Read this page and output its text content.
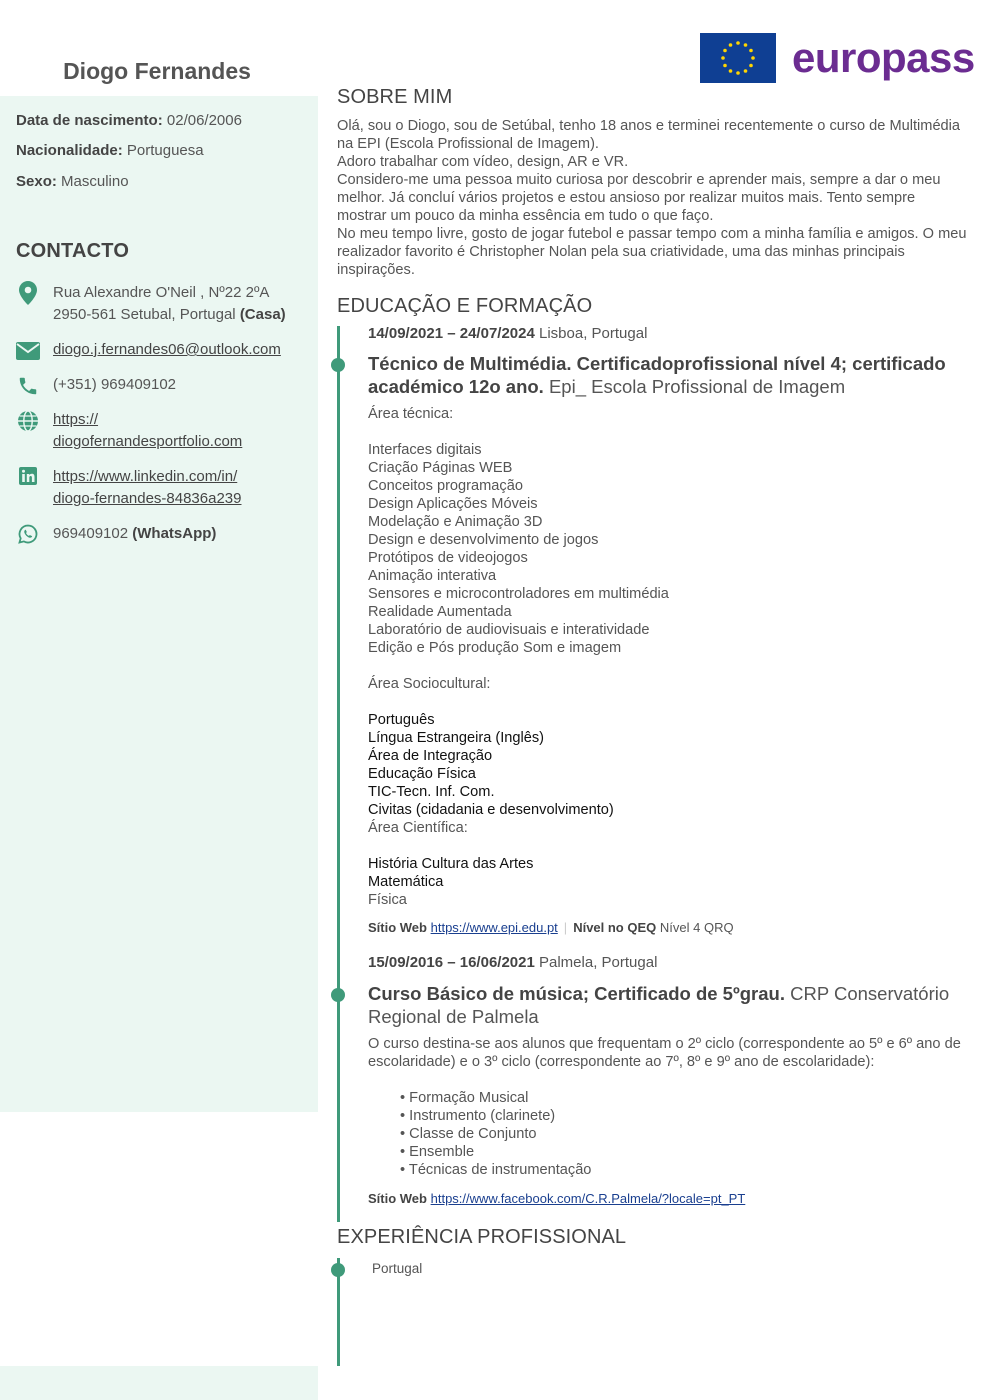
Diogo Fernandes
Data de nascimento: 02/06/2006
Nacionalidade: Portuguesa
Sexo: Masculino
CONTACTO
Rua Alexandre O'Neil , Nº22 2ºA
2950-561 Setubal, Portugal (Casa)
diogo.j.fernandes06@outlook.com
(+351) 969409102
https://
diogofernandesportfolio.com
https://www.linkedin.com/in/
diogo-fernandes-84836a239
969409102 (WhatsApp)
europass
SOBRE MIM

Olá, sou o Diogo, sou de Setúbal, tenho 18 anos e terminei recentemente o curso de Multimédia na EPI (Escola Profissional de Imagem).

Adoro trabalhar com vídeo, design, AR e VR.

Considero-me uma pessoa muito curiosa por descobrir e aprender mais, sempre a dar o meu melhor. Já concluí vários projetos e estou ansioso por realizar muitos mais. Tento sempre mostrar um pouco da minha essência em tudo o que faço.

No meu tempo livre, gosto de jogar futebol e passar tempo com a minha família e amigos. O meu realizador favorito é Christopher Nolan pela sua criatividade, uma das minhas principais inspirações.

EDUCAÇÃO E FORMAÇÃO
14/09/2021 – 24/07/2024 Lisboa, Portugal
Técnico de Multimédia. Certificadoprofissional nível 4; certificado académico 12o ano. Epi_ Escola Profissional de Imagem
Área técnica:
Interfaces digitais
Criação Páginas WEB
Conceitos programação
Design Aplicações Móveis
Modelação e Animação 3D
Design e desenvolvimento de jogos
Protótipos de videojogos
Animação interativa
Sensores e microcontroladores em multimédia
Realidade Aumentada
Laboratório de audiovisuais e interatividade
Edição e Pós produção Som e imagem
Área Sociocultural:
Português
Língua Estrangeira (Inglês)
Área de Integração
Educação Física
TIC-Tecn. Inf. Com.
Civitas (cidadania e desenvolvimento)
Área Científica:
História Cultura das Artes
Matemática
Física
Sítio Web https://www.epi.edu.pt | Nível no QEQ Nível 4 QRQ
15/09/2016 – 16/06/2021 Palmela, Portugal
Curso Básico de música; Certificado de 5ºgrau. CRP Conservatório Regional de Palmela
O curso destina-se aos alunos que frequentam o 2º ciclo (correspondente ao 5º e 6º ano de escolaridade) e o 3º ciclo (correspondente ao 7º, 8º e 9º ano de escolaridade):
• Formação Musical
• Instrumento (clarinete)
• Classe de Conjunto
• Ensemble
• Técnicas de instrumentação
Sítio Web https://www.facebook.com/C.R.Palmela/?locale=pt_PT
EXPERIÊNCIA PROFISSIONAL
Portugal
